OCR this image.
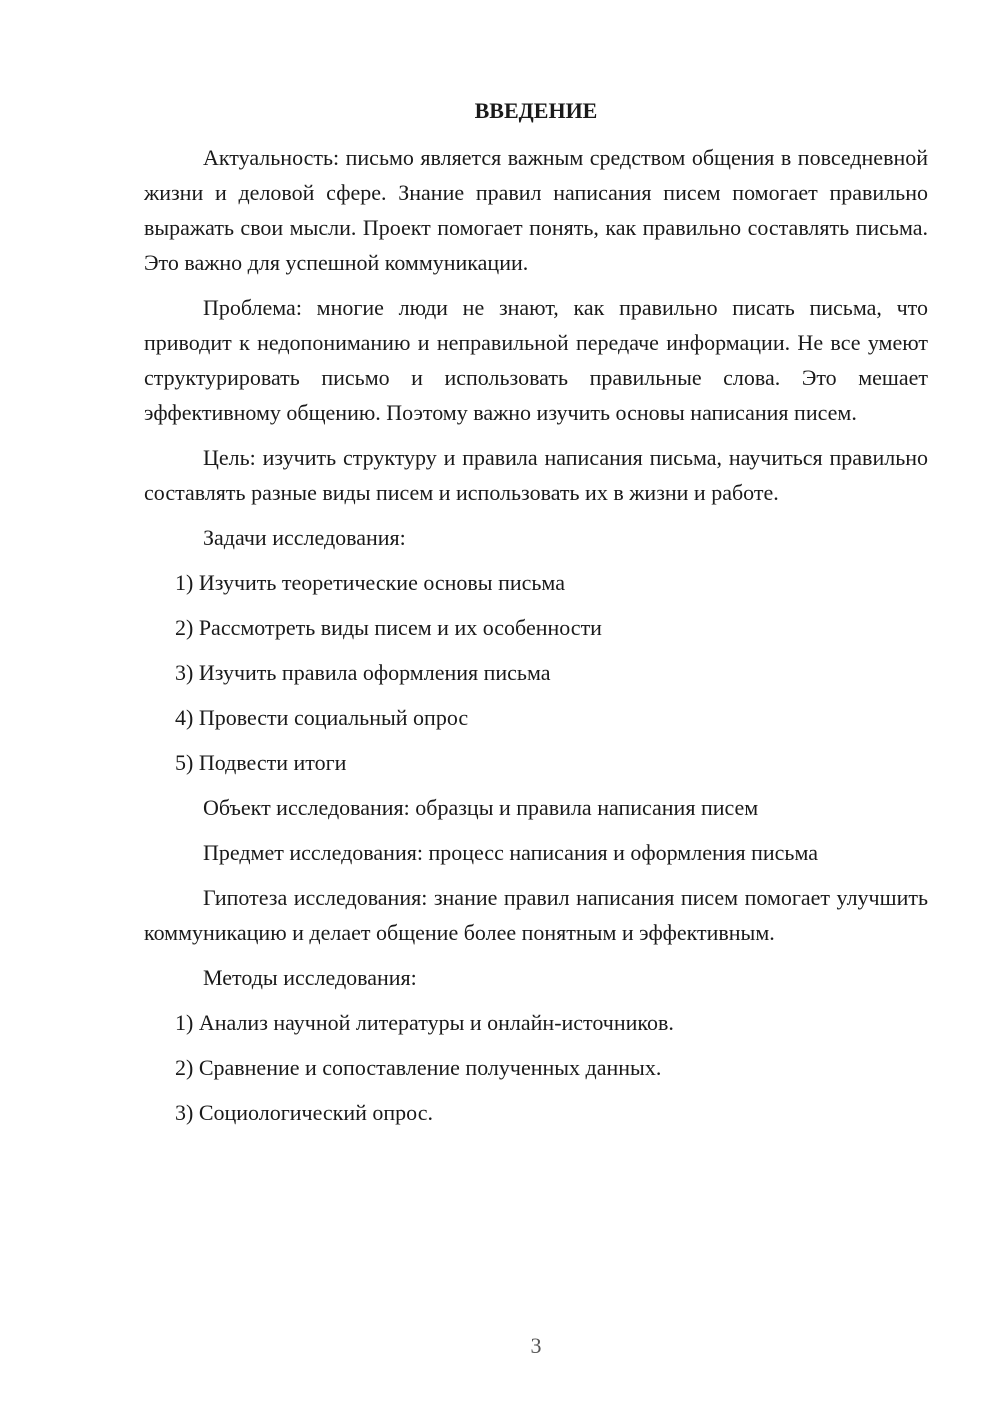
ВВЕДЕНИЕ

Актуальность: письмо является важным средством общения в повседневной жизни и деловой сфере. Знание правил написания писем помогает правильно выражать свои мысли. Проект помогает понять, как правильно составлять письма. Это важно для успешной коммуникации.

Проблема: многие люди не знают, как правильно писать письма, что приводит к недопониманию и неправильной передаче информации. Не все умеют структурировать письмо и использовать правильные слова. Это мешает эффективному общению. Поэтому важно изучить основы написания писем.

Цель: изучить структуру и правила написания письма, научиться правильно составлять разные виды писем и использовать их в жизни и работе.

Задачи исследования:

1) Изучить теоретические основы письма
2) Рассмотреть виды писем и их особенности
3) Изучить правила оформления письма
4) Провести социальный опрос
5) Подвести итоги

Объект исследования: образцы и правила написания писем

Предмет исследования: процесс написания и оформления письма

Гипотеза исследования: знание правил написания писем помогает улучшить коммуникацию и делает общение более понятным и эффективным.

Методы исследования:

1) Анализ научной литературы и онлайн-источников.
2) Сравнение и сопоставление полученных данных.
3) Социологический опрос.
3
